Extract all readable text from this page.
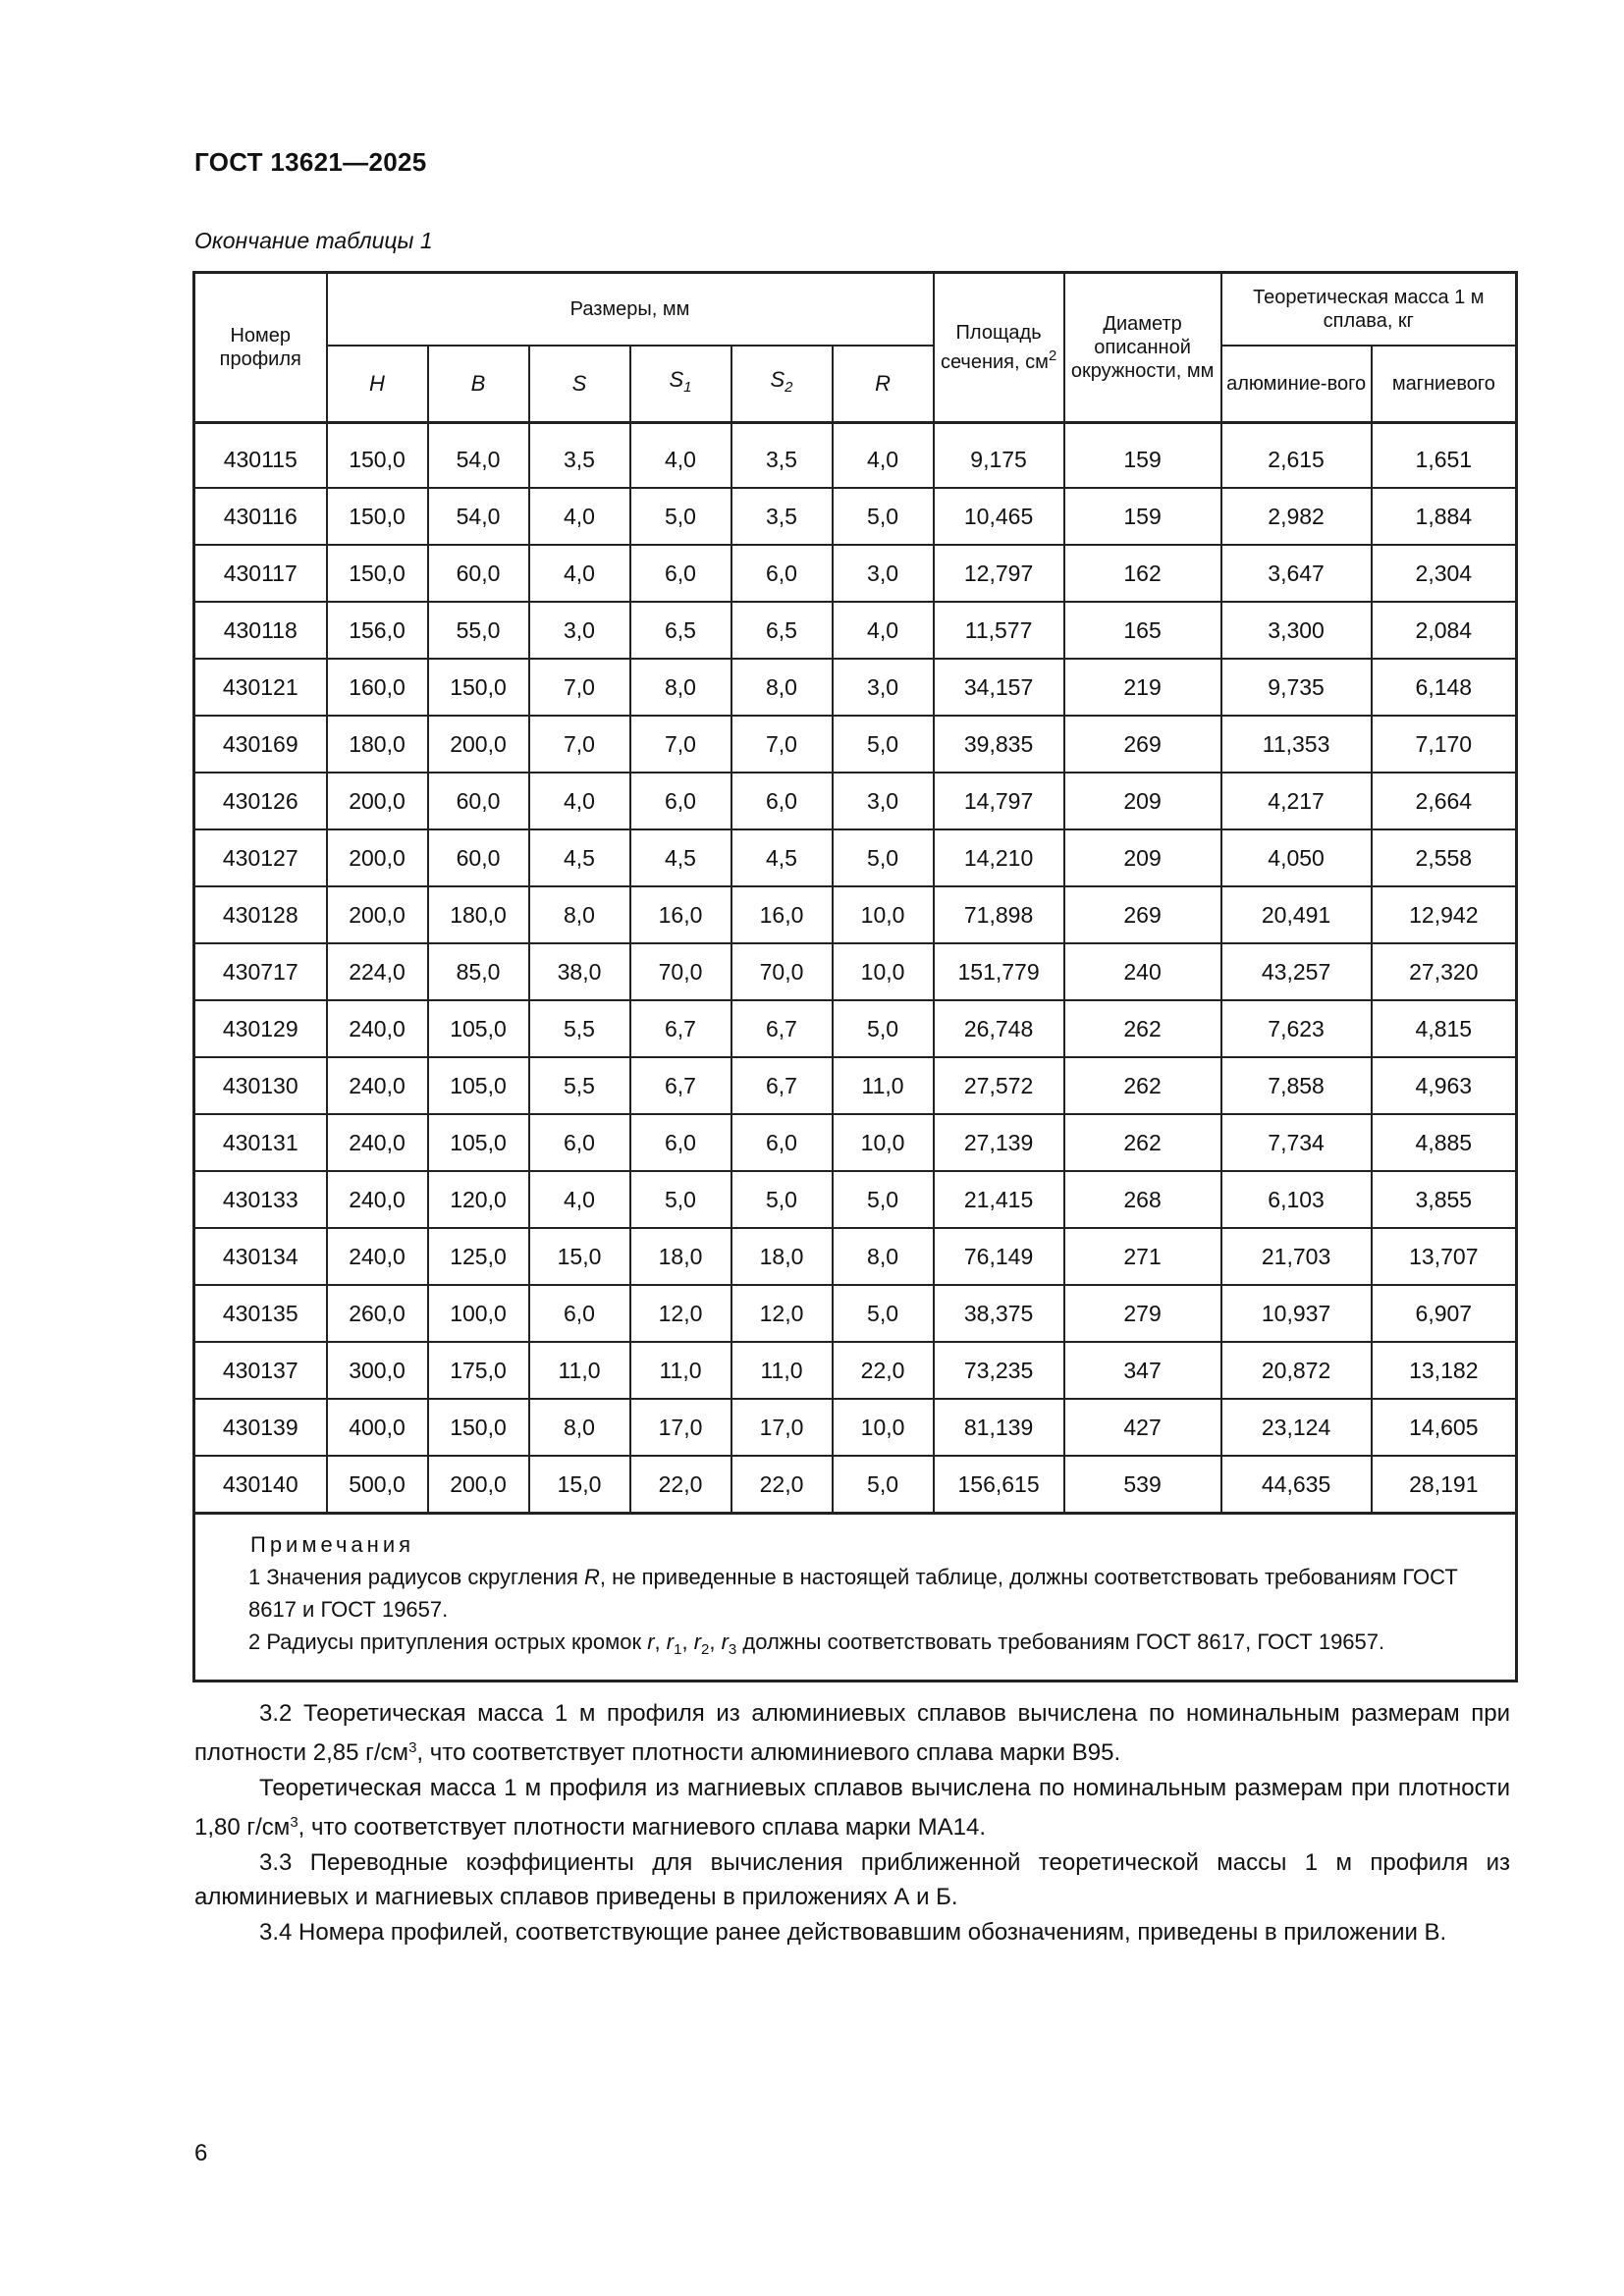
ГОСТ 13621—2025
Окончание таблицы 1
Номер профиля	Размеры, мм						Площадь сечения, $см^2$	Диаметр описанной окружности, мм	Теоретическая масса 1 м сплава, кг	
	H	B	S	$S_1$	$S_2$	R			алюминие-вого	магниевого

430115	150,0	54,0	3,5	4,0	3,5	4,0	9,175	159	2,615	1,651
430116	150,0	54,0	4,0	5,0	3,5	5,0	10,465	159	2,982	1,884
430117	150,0	60,0	4,0	6,0	6,0	3,0	12,797	162	3,647	2,304
430118	156,0	55,0	3,0	6,5	6,5	4,0	11,577	165	3,300	2,084
430121	160,0	150,0	7,0	8,0	8,0	3,0	34,157	219	9,735	6,148
430169	180,0	200,0	7,0	7,0	7,0	5,0	39,835	269	11,353	7,170
430126	200,0	60,0	4,0	6,0	6,0	3,0	14,797	209	4,217	2,664
430127	200,0	60,0	4,5	4,5	4,5	5,0	14,210	209	4,050	2,558
430128	200,0	180,0	8,0	16,0	16,0	10,0	71,898	269	20,491	12,942
430717	224,0	85,0	38,0	70,0	70,0	10,0	151,779	240	43,257	27,320
430129	240,0	105,0	5,5	6,7	6,7	5,0	26,748	262	7,623	4,815
430130	240,0	105,0	5,5	6,7	6,7	11,0	27,572	262	7,858	4,963
430131	240,0	105,0	6,0	6,0	6,0	10,0	27,139	262	7,734	4,885
430133	240,0	120,0	4,0	5,0	5,0	5,0	21,415	268	6,103	3,855
430134	240,0	125,0	15,0	18,0	18,0	8,0	76,149	271	21,703	13,707
430135	260,0	100,0	6,0	12,0	12,0	5,0	38,375	279	10,937	6,907
430137	300,0	175,0	11,0	11,0	11,0	22,0	73,235	347	20,872	13,182
430139	400,0	150,0	8,0	17,0	17,0	10,0	81,139	427	23,124	14,605
430140	500,0	200,0	15,0	22,0	22,0	5,0	156,615	539	44,635	28,191

Примечания
1 Значения радиусов скругления R, не приведенные в настоящей таблице, должны соответствовать требованиям ГОСТ 8617 и ГОСТ 19657.
2 Радиусы притупления острых кромок r, $r_1$, $r_2$, $r_3$ должны соответствовать требованиям ГОСТ 8617, ГОСТ 19657.										

3.2 Теоретическая масса 1 м профиля из алюминиевых сплавов вычислена по номинальным размерам при плотности 2,85 $г/см^3$, что соответствует плотности алюминиевого сплава марки В95.

Теоретическая масса 1 м профиля из магниевых сплавов вычислена по номинальным размерам при плотности 1,80 $г/см^3$, что соответствует плотности магниевого сплава марки МА14.

3.3 Переводные коэффициенты для вычисления приближенной теоретической массы 1 м профиля из алюминиевых и магниевых сплавов приведены в приложениях А и Б.

3.4 Номера профилей, соответствующие ранее действовавшим обозначениям, приведены в приложении В.

6
